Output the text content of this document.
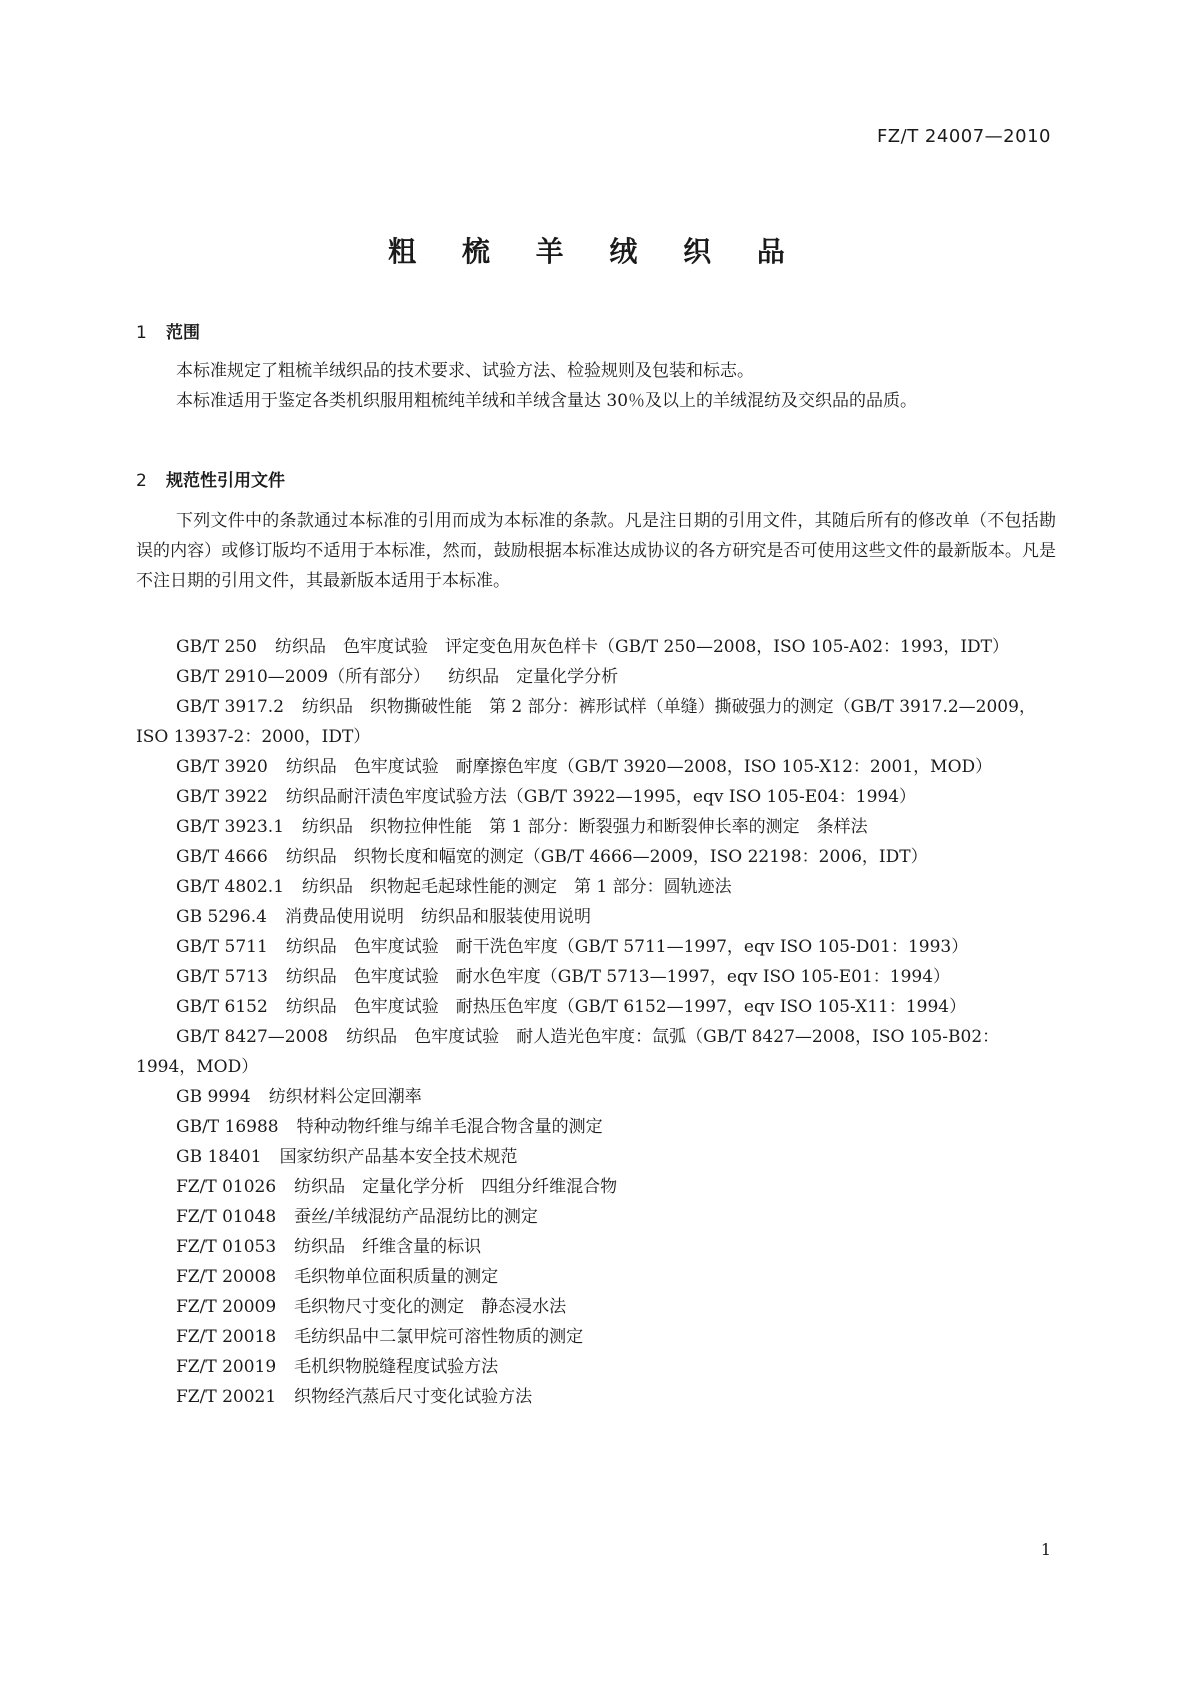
FZ/T 24007—2010
粗 梳 羊 绒 织 品
1 范围

本标准规定了粗梳羊绒织品的技术要求、试验方法、检验规则及包装和标志。

本标准适用于鉴定各类机织服用粗梳纯羊绒和羊绒含量达 30％及以上的羊绒混纺及交织品的品质。

2 规范性引用文件

下列文件中的条款通过本标准的引用而成为本标准的条款。凡是注日期的引用文件，其随后所有的修改单（不包括勘误的内容）或修订版均不适用于本标准，然而，鼓励根据本标准达成协议的各方研究是否可使用这些文件的最新版本。凡是不注日期的引用文件，其最新版本适用于本标准。

GB/T 250 纺织品　色牢度试验　评定变色用灰色样卡（GB/T 250—2008，ISO 105-A02：1993，IDT）
GB/T 2910—2009（所有部分） 纺织品　定量化学分析
GB/T 3917.2 纺织品　织物撕破性能　第 2 部分：裤形试样（单缝）撕破强力的测定（GB/T 3917.2—2009，ISO 13937-2：2000，IDT）
GB/T 3920 纺织品　色牢度试验　耐摩擦色牢度（GB/T 3920—2008，ISO 105-X12：2001，MOD）
GB/T 3922 纺织品耐汗渍色牢度试验方法（GB/T 3922—1995，eqv ISO 105-E04：1994）
GB/T 3923.1 纺织品　织物拉伸性能　第 1 部分：断裂强力和断裂伸长率的测定　条样法
GB/T 4666 纺织品　织物长度和幅宽的测定（GB/T 4666—2009，ISO 22198：2006，IDT）
GB/T 4802.1 纺织品　织物起毛起球性能的测定　第 1 部分：圆轨迹法
GB 5296.4 消费品使用说明　纺织品和服装使用说明
GB/T 5711 纺织品　色牢度试验　耐干洗色牢度（GB/T 5711—1997，eqv ISO 105-D01：1993）
GB/T 5713 纺织品　色牢度试验　耐水色牢度（GB/T 5713—1997，eqv ISO 105-E01：1994）
GB/T 6152 纺织品　色牢度试验　耐热压色牢度（GB/T 6152—1997，eqv ISO 105-X11：1994）
GB/T 8427—2008 纺织品　色牢度试验　耐人造光色牢度：氙弧（GB/T 8427—2008，ISO 105-B02：1994，MOD）
GB 9994 纺织材料公定回潮率
GB/T 16988 特种动物纤维与绵羊毛混合物含量的测定
GB 18401 国家纺织产品基本安全技术规范
FZ/T 01026 纺织品　定量化学分析　四组分纤维混合物
FZ/T 01048 蚕丝/羊绒混纺产品混纺比的测定
FZ/T 01053 纺织品　纤维含量的标识
FZ/T 20008 毛织物单位面积质量的测定
FZ/T 20009 毛织物尺寸变化的测定　静态浸水法
FZ/T 20018 毛纺织品中二氯甲烷可溶性物质的测定
FZ/T 20019 毛机织物脱缝程度试验方法
FZ/T 20021 织物经汽蒸后尺寸变化试验方法
1
